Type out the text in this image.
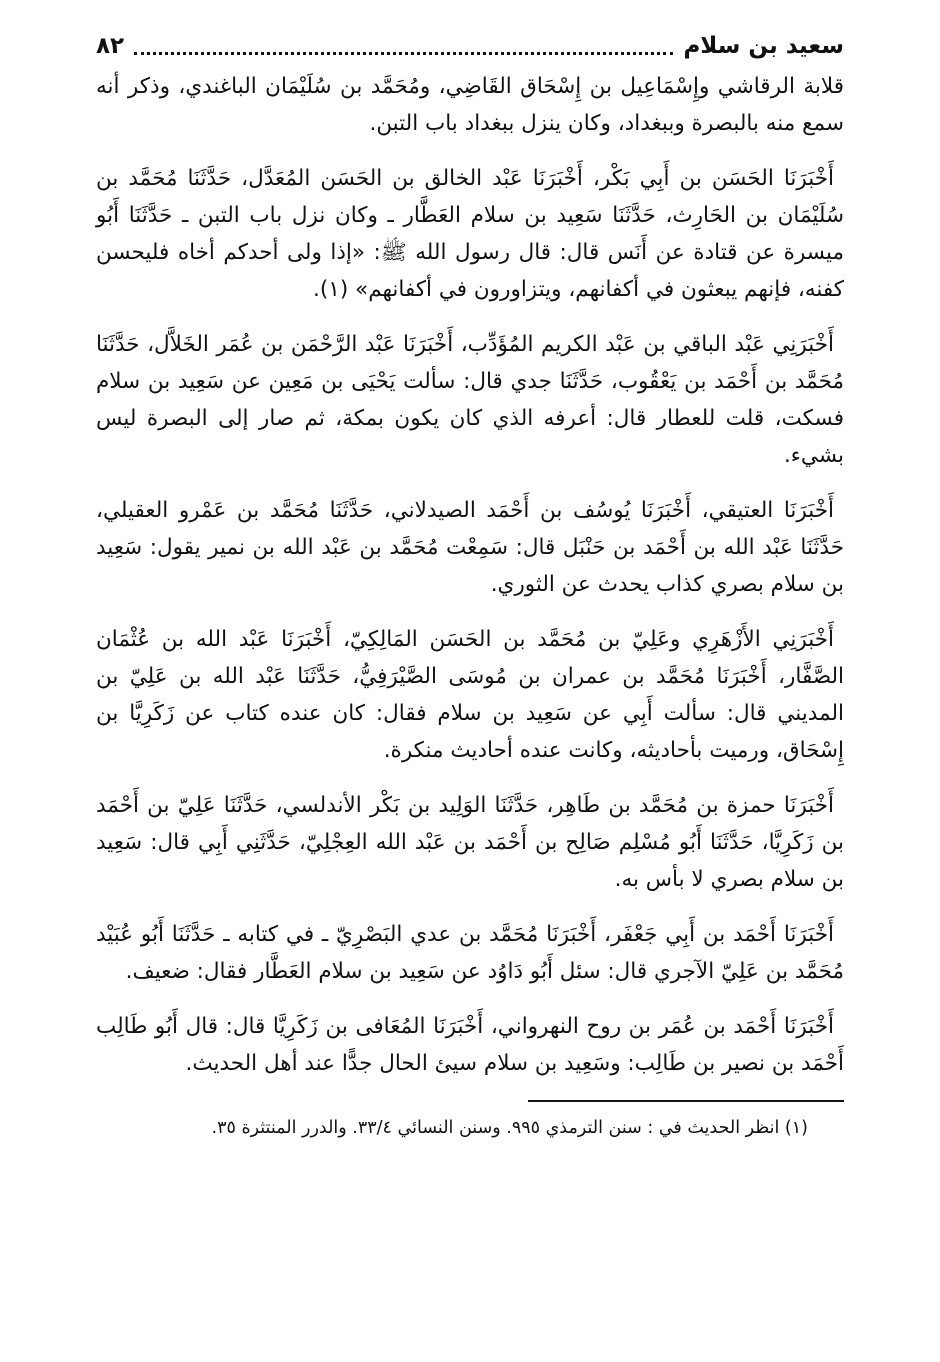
٨٢	سعيد بن سلام

قلابة الرقاشي وإِسْمَاعِيل بن إِسْحَاق القَاضِي، ومُحَمَّد بن سُلَيْمَان الباغندي، وذكر أنه سمع منه بالبصرة وببغداد، وكان ينزل ببغداد باب التبن.

أَخْبَرَنَا الحَسَن بن أَبِي بَكْر، أَخْبَرَنَا عَبْد الخالق بن الحَسَن المُعَدَّل، حَدَّثَنَا مُحَمَّد بن سُلَيْمَان بن الحَارِث، حَدَّثَنَا سَعِيد بن سلام العَطَّار ـ وكان نزل باب التبن ـ حَدَّثَنَا أَبُو ميسرة عن قتادة عن أَنَس قال: قال رسول الله ﷺ: «إذا ولى أحدكم أخاه فليحسن كفنه، فإنهم يبعثون في أكفانهم، ويتزاورون في أكفانهم» (١).

أَخْبَرَنِي عَبْد الباقي بن عَبْد الكريم المُؤَدِّب، أَخْبَرَنَا عَبْد الرَّحْمَن بن عُمَر الخَلاَّل، حَدَّثَنَا مُحَمَّد بن أَحْمَد بن يَعْقُوب، حَدَّثَنَا جدي قال: سألت يَحْيَى بن مَعِين عن سَعِيد بن سلام فسكت، قلت للعطار قال: أعرفه الذي كان يكون بمكة، ثم صار إلى البصرة ليس بشيء.

أَخْبَرَنَا العتيقي، أَخْبَرَنَا يُوسُف بن أَحْمَد الصيدلاني، حَدَّثَنَا مُحَمَّد بن عَمْرو العقيلي، حَدَّثَنَا عَبْد الله بن أَحْمَد بن حَنْبَل قال: سَمِعْت مُحَمَّد بن عَبْد الله بن نمير يقول: سَعِيد بن سلام بصري كذاب يحدث عن الثوري.

أَخْبَرَنِي الأَزْهَرِي وعَلِيّ بن مُحَمَّد بن الحَسَن المَالِكِيّ، أَخْبَرَنَا عَبْد الله بن عُثْمَان الصَّفَّار، أَخْبَرَنَا مُحَمَّد بن عمران بن مُوسَى الصَّيْرَفِيُّ، حَدَّثَنَا عَبْد الله بن عَلِيّ بن المديني قال: سألت أَبِي عن سَعِيد بن سلام فقال: كان عنده كتاب عن زَكَرِيَّا بن إِسْحَاق، ورميت بأحاديثه، وكانت عنده أحاديث منكرة.

أَخْبَرَنَا حمزة بن مُحَمَّد بن طَاهِر، حَدَّثَنَا الوَلِيد بن بَكْر الأندلسي، حَدَّثَنَا عَلِيّ بن أَحْمَد بن زَكَرِيَّا، حَدَّثَنَا أَبُو مُسْلِم صَالِح بن أَحْمَد بن عَبْد الله العِجْلِيّ، حَدَّثَنِي أَبِي قال: سَعِيد بن سلام بصري لا بأس به.

أَخْبَرَنَا أَحْمَد بن أَبِي جَعْفَر، أَخْبَرَنَا مُحَمَّد بن عدي البَصْرِيّ ـ في كتابه ـ حَدَّثَنَا أَبُو عُبَيْد مُحَمَّد بن عَلِيّ الآجري قال: سئل أَبُو دَاوُد عن سَعِيد بن سلام العَطَّار فقال: ضعيف.

أَخْبَرَنَا أَحْمَد بن عُمَر بن روح النهرواني، أَخْبَرَنَا المُعَافى بن زَكَرِيَّا قال: قال أَبُو طَالِب أَحْمَد بن نصير بن طَالِب: وسَعِيد بن سلام سيئ الحال جدًّا عند أهل الحديث.

(١) انظر الحديث في : سنن الترمذي ٩٩٥. وسنن النسائي ٣٣/٤. والدرر المنتثرة ٣٥.
